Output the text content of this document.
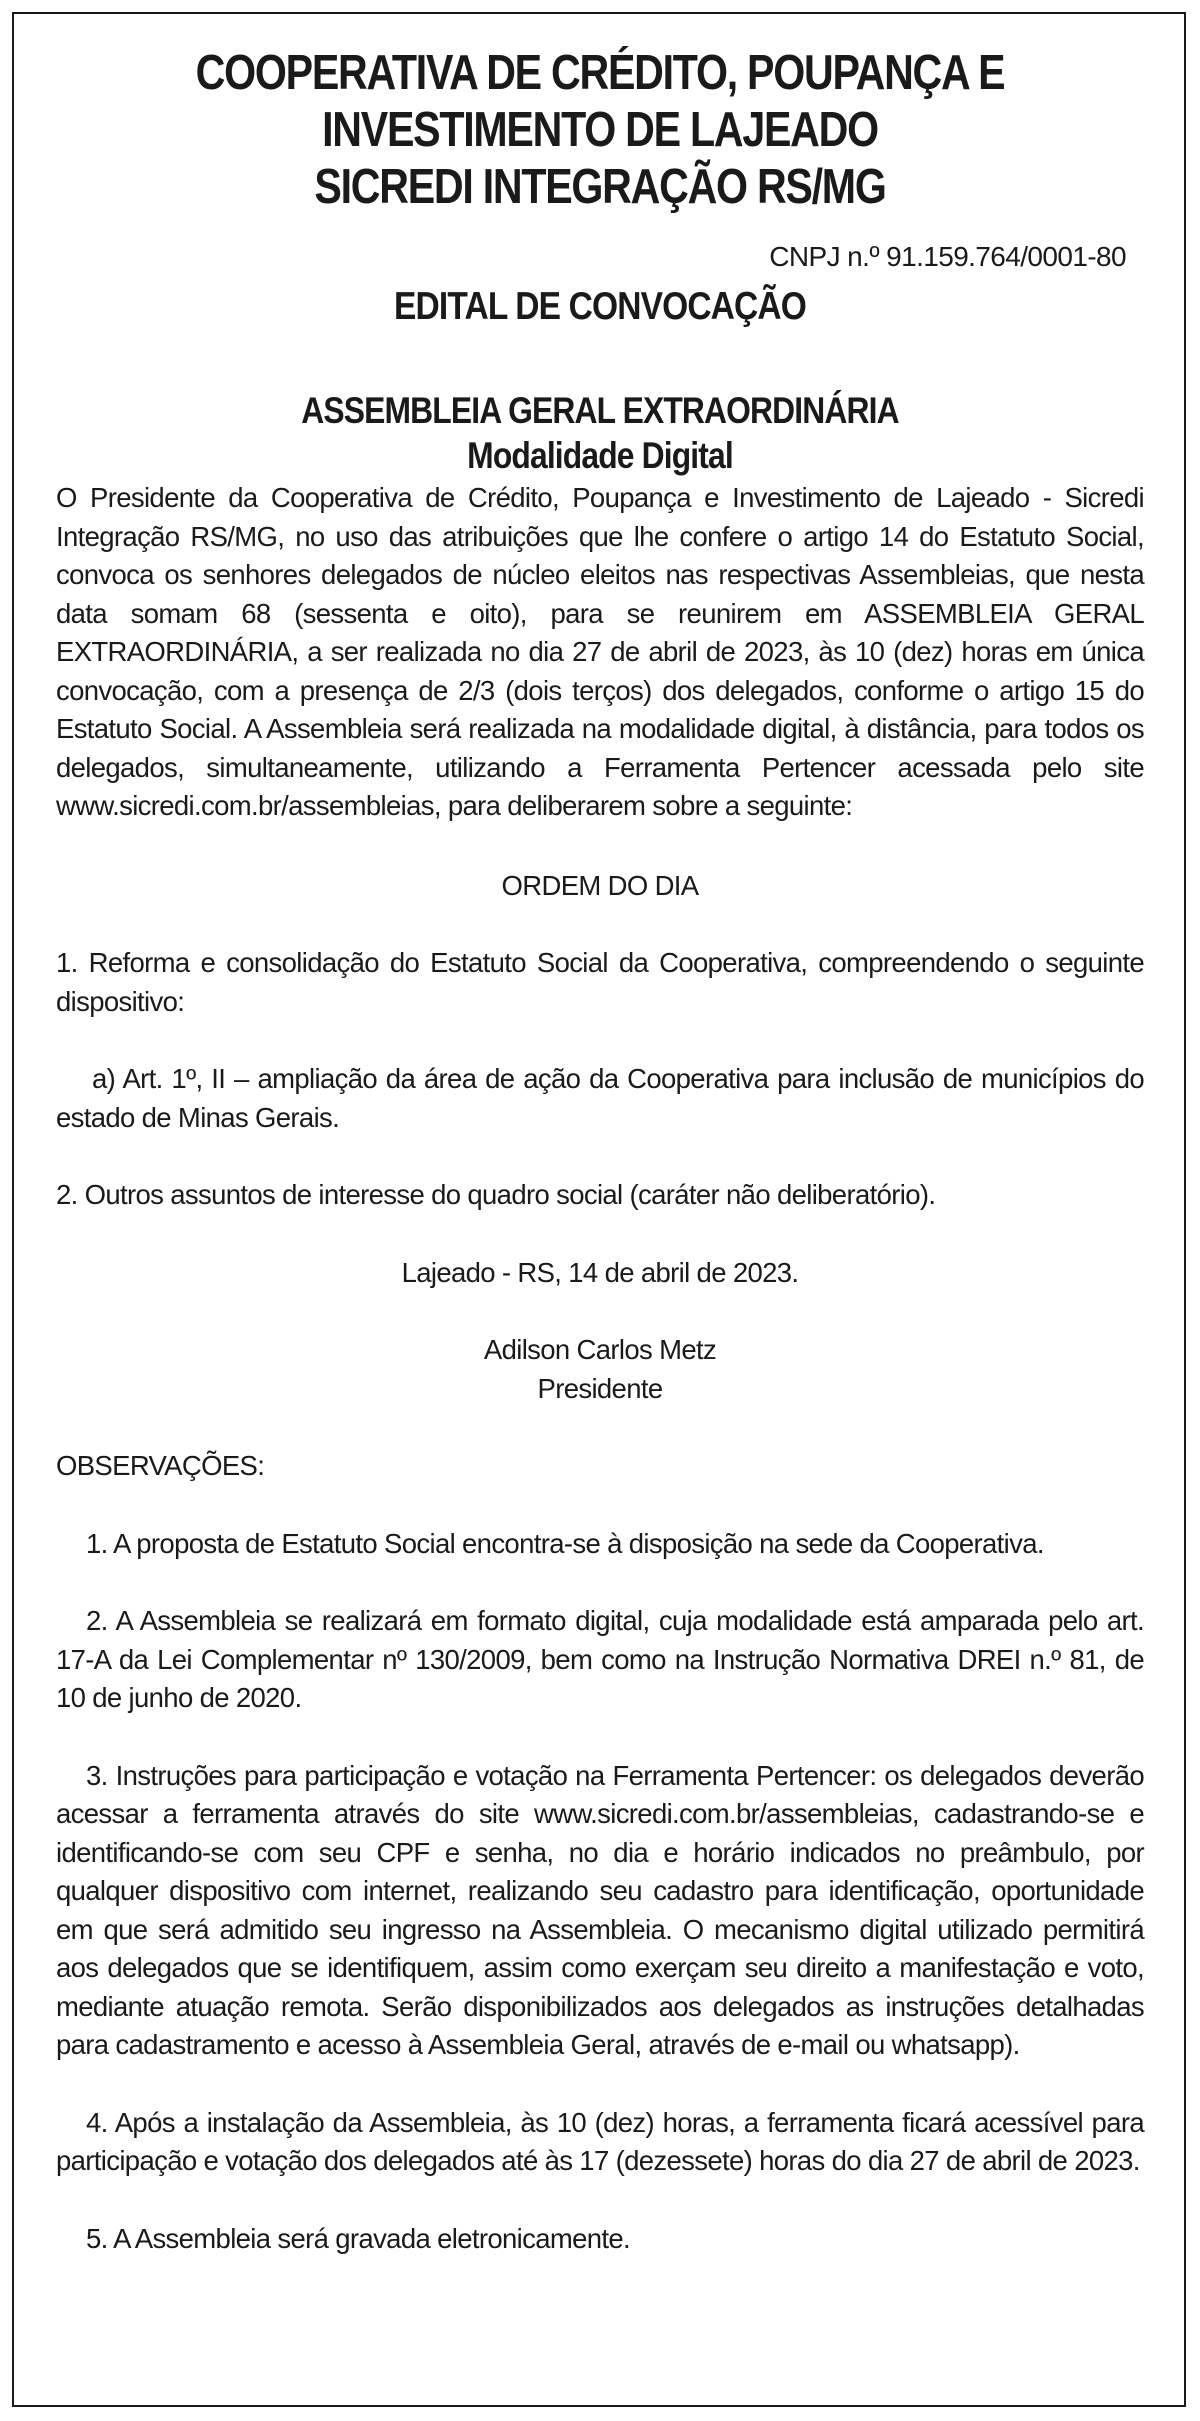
COOPERATIVA DE CRÉDITO, POUPANÇA E
INVESTIMENTO DE LAJEADO
SICREDI INTEGRAÇÃO RS/MG
CNPJ n.º 91.159.764/0001-80
EDITAL DE CONVOCAÇÃO
ASSEMBLEIA GERAL EXTRAORDINÁRIA
Modalidade Digital

O Presidente da Cooperativa de Crédito, Poupança e Investimento de Lajeado - Sicredi Integração RS/MG, no uso das atribuições que lhe confere o artigo 14 do Estatuto Social, convoca os senhores delegados de núcleo eleitos nas respectivas Assembleias, que nesta data somam 68 (sessenta e oito), para se reunirem em ASSEMBLEIA GERAL EXTRAORDINÁRIA, a ser realizada no dia 27 de abril de 2023, às 10 (dez) horas em única convocação, com a presença de 2/3 (dois terços) dos delegados, conforme o artigo 15 do Estatuto Social. A Assembleia será realizada na modalidade digital, à distância, para todos os delegados, simultaneamente, utilizando a Ferramenta Pertencer acessada pelo site www.sicredi.com.br/assembleias, para deliberarem sobre a seguinte:

ORDEM DO DIA

1. Reforma e consolidação do Estatuto Social da Cooperativa, compreendendo o seguinte dispositivo:

a) Art. 1º, II – ampliação da área de ação da Cooperativa para inclusão de municípios do estado de Minas Gerais.

2. Outros assuntos de interesse do quadro social (caráter não deliberatório).

Lajeado - RS, 14 de abril de 2023.

Adilson Carlos Metz
Presidente

OBSERVAÇÕES:

1. A proposta de Estatuto Social encontra-se à disposição na sede da Cooperativa.

2. A Assembleia se realizará em formato digital, cuja modalidade está amparada pelo art. 17-A da Lei Complementar nº 130/2009, bem como na Instrução Normativa DREI n.º 81, de 10 de junho de 2020.

3. Instruções para participação e votação na Ferramenta Pertencer: os delegados deverão acessar a ferramenta através do site www.sicredi.com.br/assembleias, cadastrando-se e identificando-se com seu CPF e senha, no dia e horário indicados no preâmbulo, por qualquer dispositivo com internet, realizando seu cadastro para identificação, oportunidade em que será admitido seu ingresso na Assembleia. O mecanismo digital utilizado permitirá aos delegados que se identifiquem, assim como exerçam seu direito a manifestação e voto, mediante atuação remota. Serão disponibilizados aos delegados as instruções detalhadas para cadastramento e acesso à Assembleia Geral, através de e-mail ou whatsapp).

4. Após a instalação da Assembleia, às 10 (dez) horas, a ferramenta ficará acessível para participação e votação dos delegados até às 17 (dezessete) horas do dia 27 de abril de 2023.

5. A Assembleia será gravada eletronicamente.
